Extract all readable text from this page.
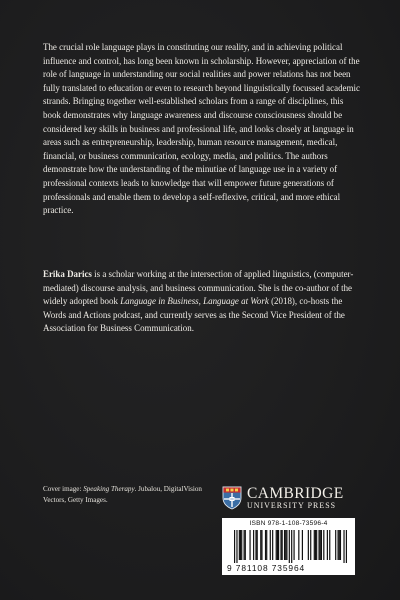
The crucial role language plays in constituting our reality, and in achieving political influence and control, has long been known in scholarship. However, appreciation of the role of language in understanding our social realities and power relations has not been fully translated to education or even to research beyond linguistically focussed academic strands. Bringing together well-established scholars from a range of disciplines, this book demonstrates why language awareness and discourse consciousness should be considered key skills in business and professional life, and looks closely at language in areas such as entrepreneurship, leadership, human resource management, medical, financial, or business communication, ecology, media, and politics. The authors demonstrate how the understanding of the minutiae of language use in a variety of professional contexts leads to knowledge that will empower future generations of professionals and enable them to develop a self-reflexive, critical, and more ethical practice.

Erika Darics is a scholar working at the intersection of applied linguistics, (computer-mediated) discourse analysis, and business communication. She is the co-author of the widely adopted book Language in Business, Language at Work (2018), co-hosts the Words and Actions podcast, and currently serves as the Second Vice President of the Association for Business Communication.

Cover image: Speaking Therapy. Jubalou, DigitalVision Vectors, Getty Images.	CAMBRIDGE
UNIVERSITY PRESS
ISBN 978-1-108-73596-4
9 781108 735964
